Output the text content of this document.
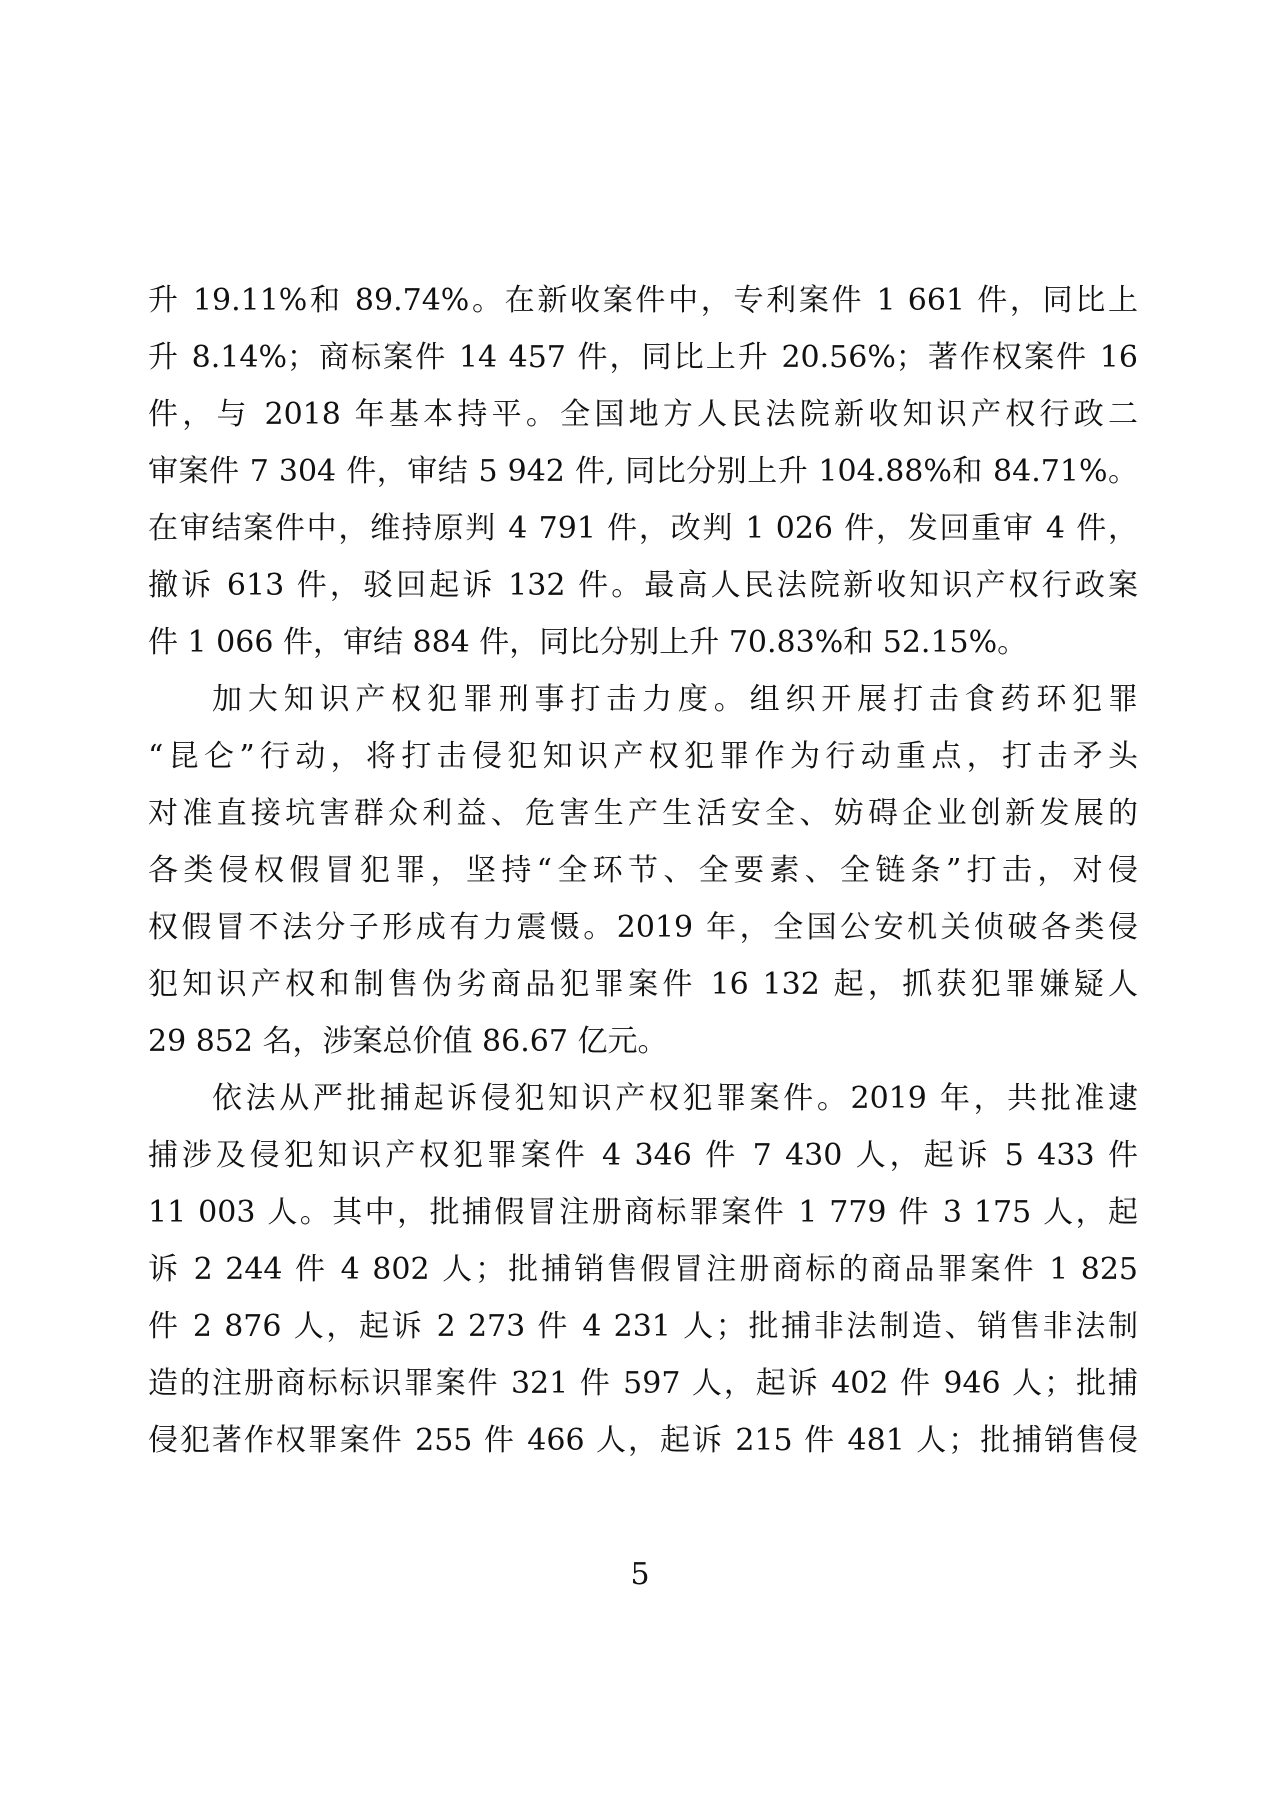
升 19.11%和 89.74%。在新收案件中，专利案件 1 661 件，同比上
升 8.14%；商标案件 14 457 件，同比上升 20.56%；著作权案件 16
件，与 2018 年基本持平。全国地方人民法院新收知识产权行政二
审案件 7 304 件，审结 5 942 件, 同比分别上升 104.88%和 84.71%。
在审结案件中，维持原判 4 791 件，改判 1 026 件，发回重审 4 件，
撤诉 613 件，驳回起诉 132 件。最高人民法院新收知识产权行政案
件 1 066 件，审结 884 件，同比分别上升 70.83%和 52.15%。
加大知识产权犯罪刑事打击力度。组织开展打击食药环犯罪
“昆仑”行动，将打击侵犯知识产权犯罪作为行动重点，打击矛头
对准直接坑害群众利益、危害生产生活安全、妨碍企业创新发展的
各类侵权假冒犯罪，坚持“全环节、全要素、全链条”打击，对侵
权假冒不法分子形成有力震慑。2019 年，全国公安机关侦破各类侵
犯知识产权和制售伪劣商品犯罪案件 16 132 起，抓获犯罪嫌疑人
29 852 名，涉案总价值 86.67 亿元。
依法从严批捕起诉侵犯知识产权犯罪案件。2019 年，共批准逮
捕涉及侵犯知识产权犯罪案件 4 346 件 7 430 人，起诉 5 433 件
11 003 人。其中，批捕假冒注册商标罪案件 1 779 件 3 175 人，起
诉 2 244 件 4 802 人；批捕销售假冒注册商标的商品罪案件 1 825
件 2 876 人，起诉 2 273 件 4 231 人；批捕非法制造、销售非法制
造的注册商标标识罪案件 321 件 597 人，起诉 402 件 946 人；批捕
侵犯著作权罪案件 255 件 466 人，起诉 215 件 481 人；批捕销售侵
5
